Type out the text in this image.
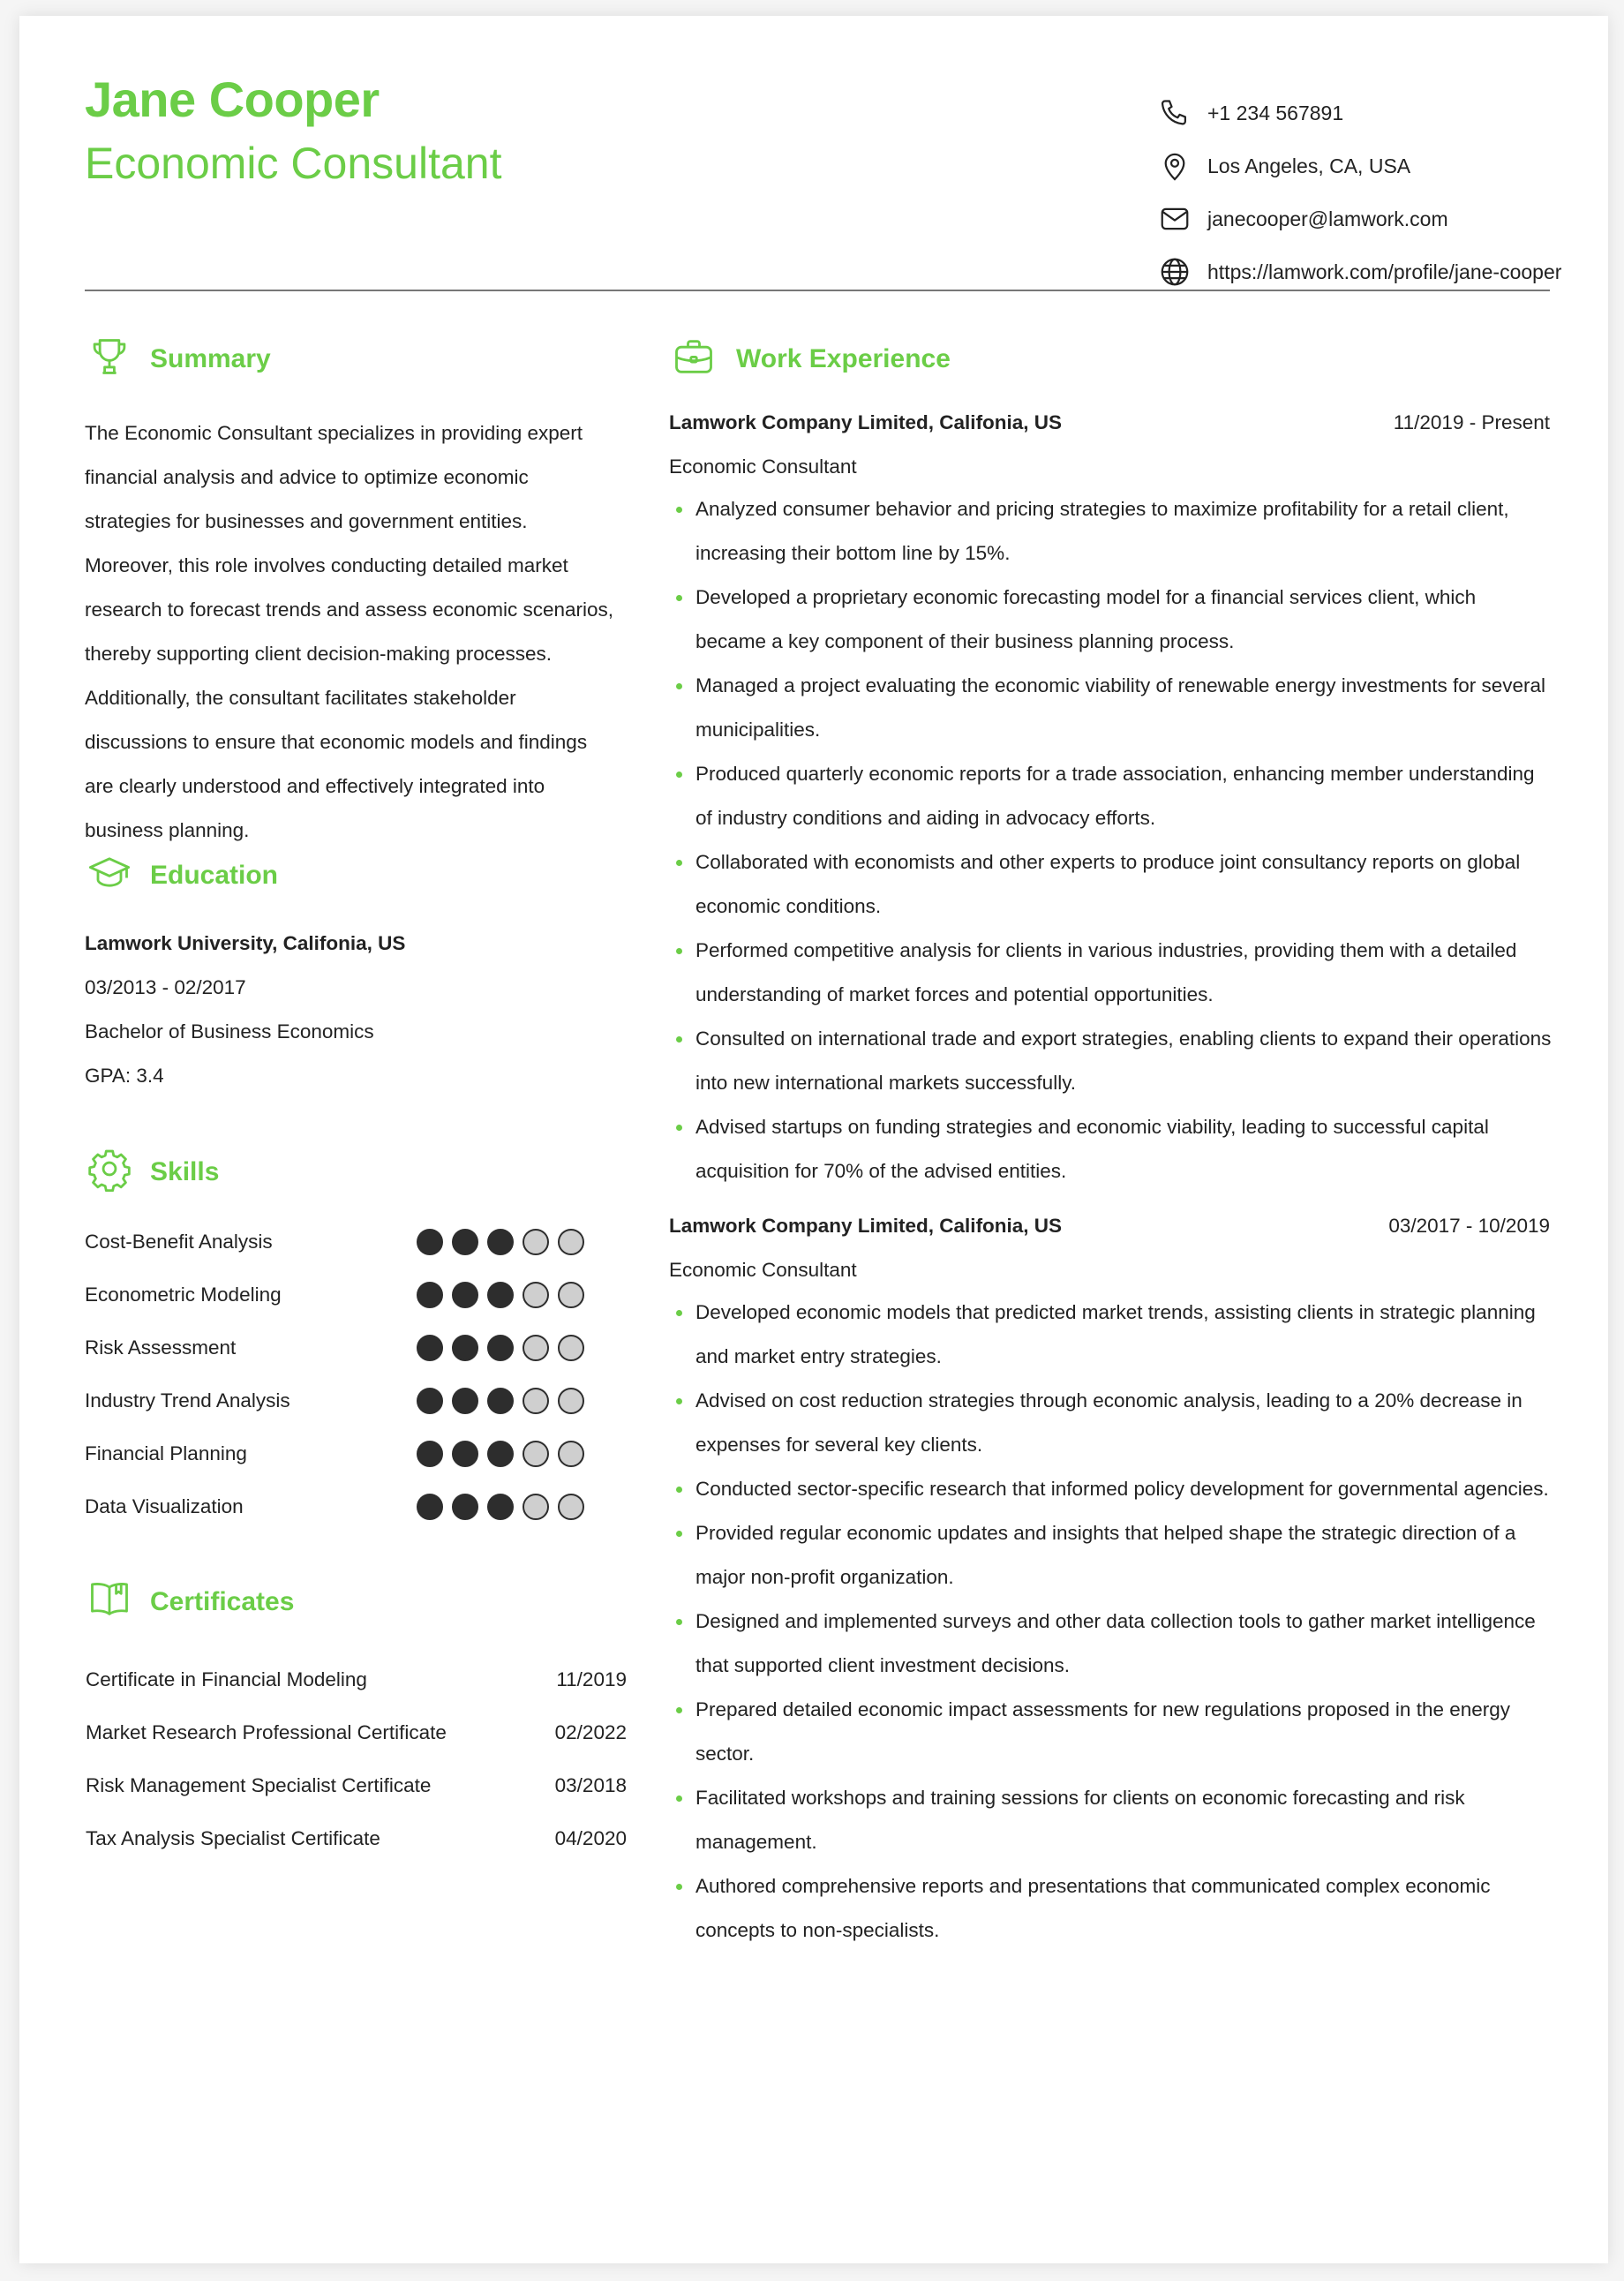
Jane Cooper
Economic Consultant
+1 234 567891
Los Angeles, CA, USA
janecooper@lamwork.com
https://lamwork.com/profile/jane-cooper
Summary
The Economic Consultant specializes in providing expert financial analysis and advice to optimize economic strategies for businesses and government entities. Moreover, this role involves conducting detailed market research to forecast trends and assess economic scenarios, thereby supporting client decision-making processes. Additionally, the consultant facilitates stakeholder discussions to ensure that economic models and findings are clearly understood and effectively integrated into business planning.
Education
Lamwork University, Califonia, US
03/2013 - 02/2017
Bachelor of Business Economics
GPA: 3.4
Skills
Cost-Benefit Analysis
Econometric Modeling
Risk Assessment
Industry Trend Analysis
Financial Planning
Data Visualization
Certificates
Certificate in Financial Modeling	11/2019
Market Research Professional Certificate	02/2022
Risk Management Specialist Certificate	03/2018
Tax Analysis Specialist Certificate	04/2020
Work Experience
Lamwork Company Limited, Califonia, US	11/2019 - Present
Economic Consultant
Analyzed consumer behavior and pricing strategies to maximize profitability for a retail client, increasing their bottom line by 15%.
Developed a proprietary economic forecasting model for a financial services client, which became a key component of their business planning process.
Managed a project evaluating the economic viability of renewable energy investments for several municipalities.
Produced quarterly economic reports for a trade association, enhancing member understanding of industry conditions and aiding in advocacy efforts.
Collaborated with economists and other experts to produce joint consultancy reports on global economic conditions.
Performed competitive analysis for clients in various industries, providing them with a detailed understanding of market forces and potential opportunities.
Consulted on international trade and export strategies, enabling clients to expand their operations into new international markets successfully.
Advised startups on funding strategies and economic viability, leading to successful capital acquisition for 70% of the advised entities.
Lamwork Company Limited, Califonia, US	03/2017 - 10/2019
Economic Consultant
Developed economic models that predicted market trends, assisting clients in strategic planning and market entry strategies.
Advised on cost reduction strategies through economic analysis, leading to a 20% decrease in expenses for several key clients.
Conducted sector-specific research that informed policy development for governmental agencies.
Provided regular economic updates and insights that helped shape the strategic direction of a major non-profit organization.
Designed and implemented surveys and other data collection tools to gather market intelligence that supported client investment decisions.
Prepared detailed economic impact assessments for new regulations proposed in the energy sector.
Facilitated workshops and training sessions for clients on economic forecasting and risk management.
Authored comprehensive reports and presentations that communicated complex economic concepts to non-specialists.
